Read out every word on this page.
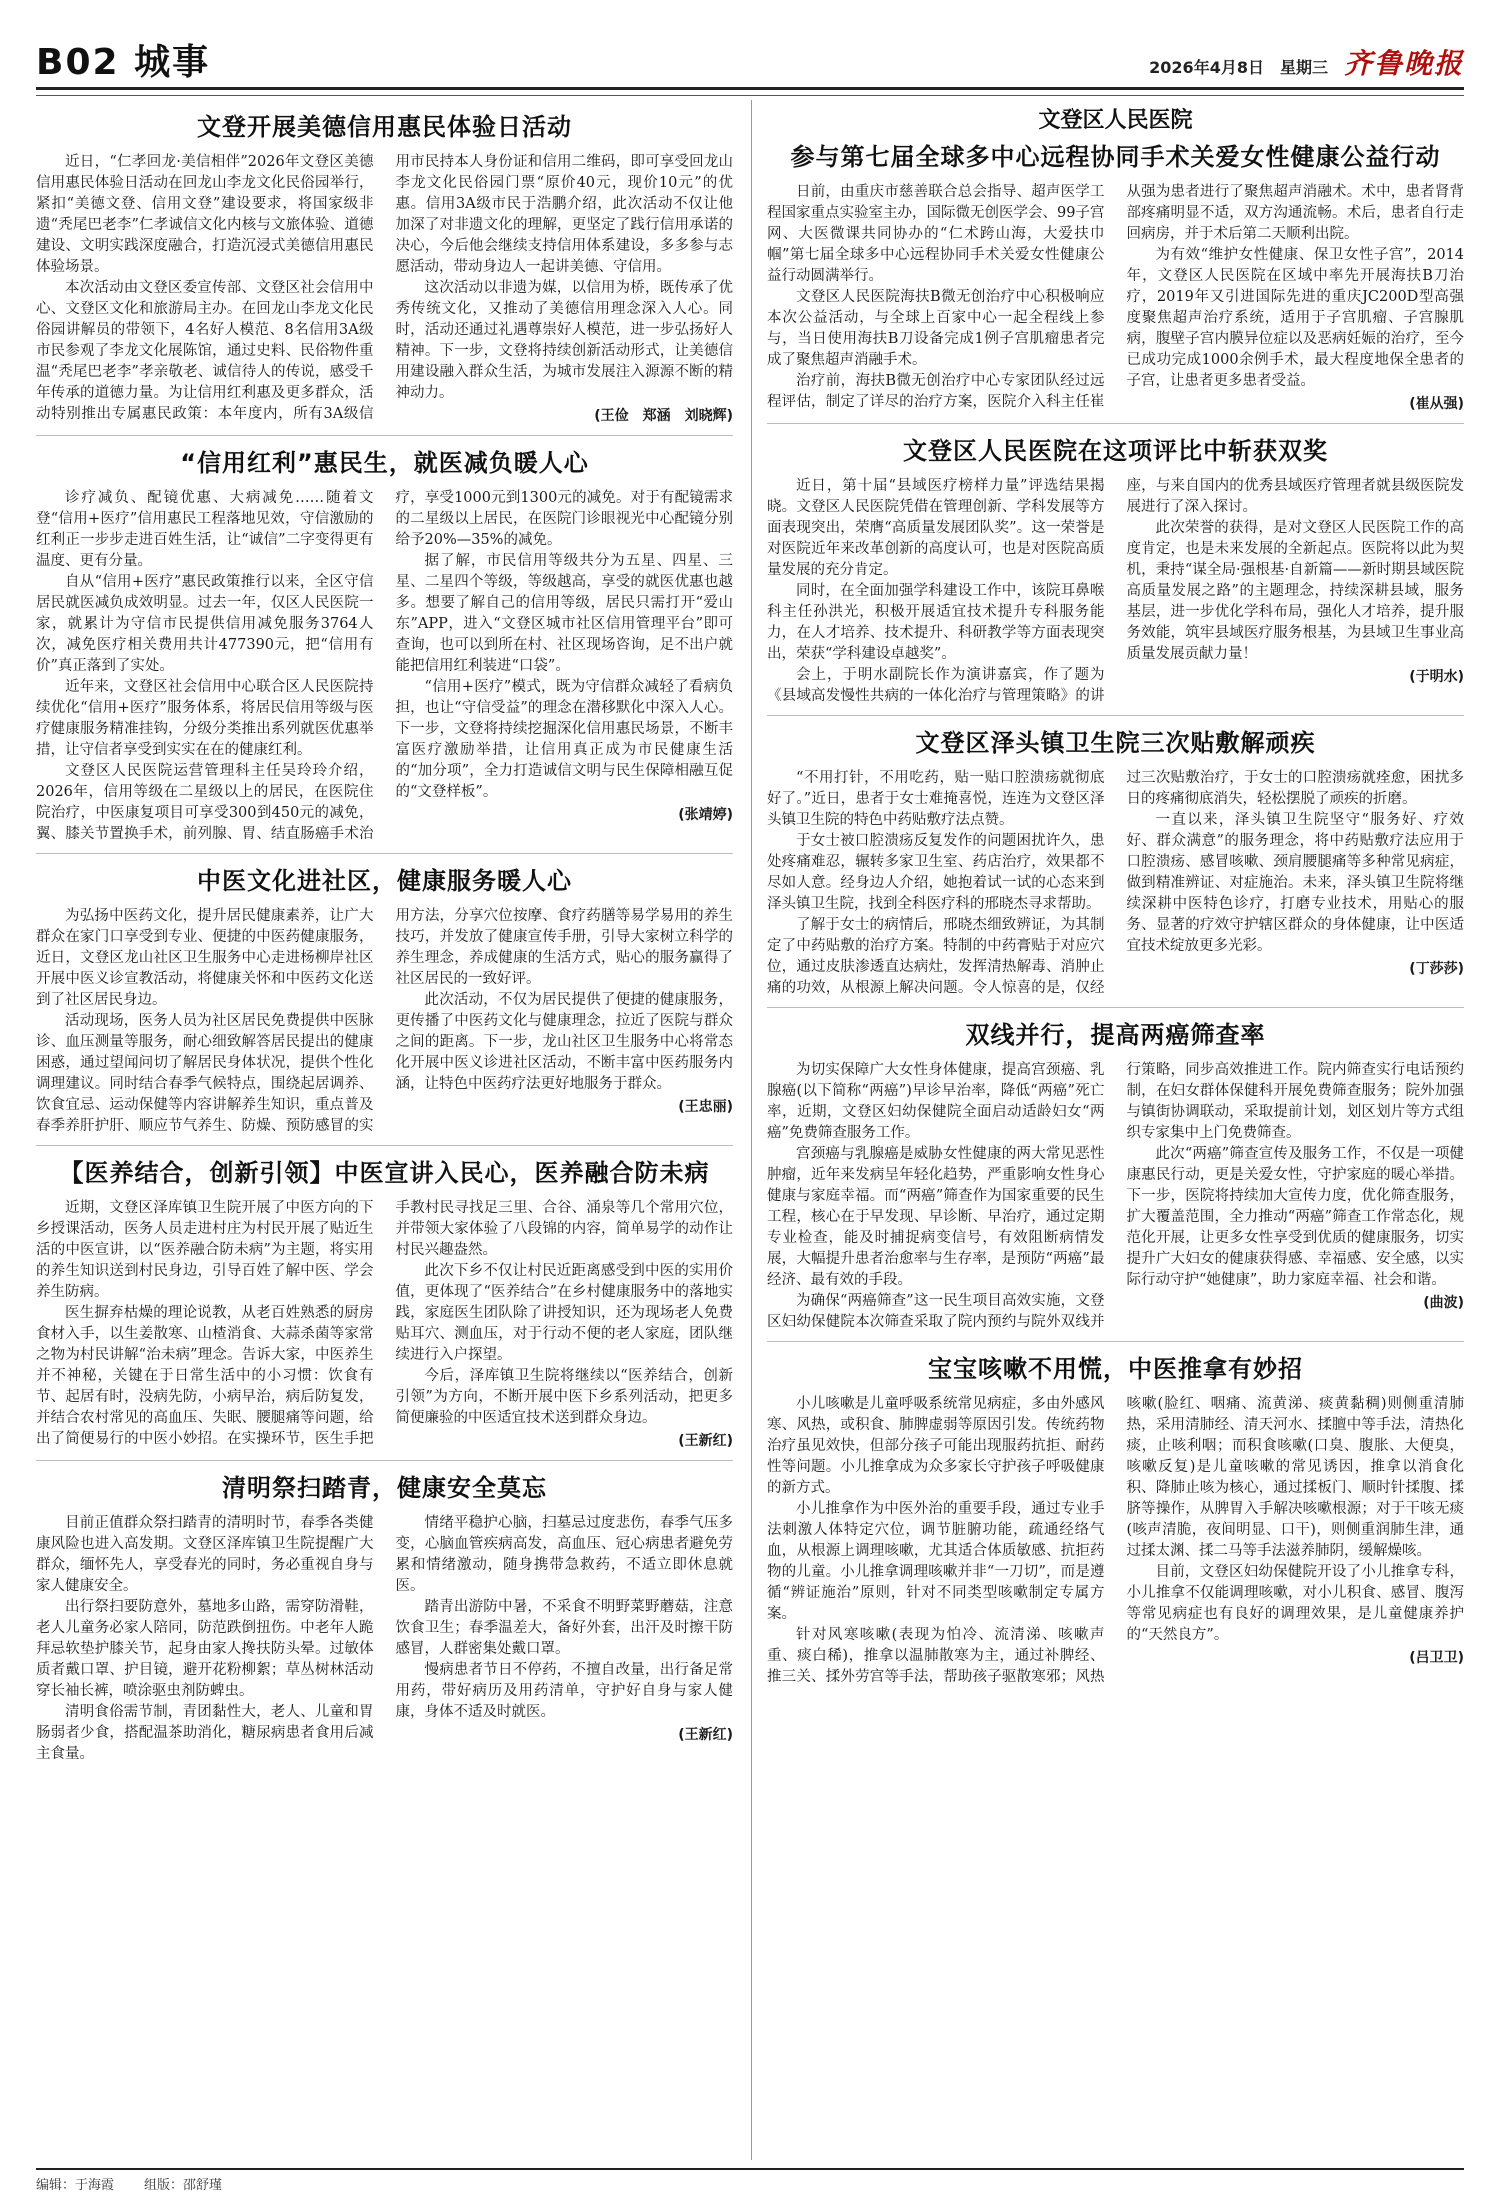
B02 城事	2026年4月8日 星期三 齐鲁晚报
文登开展美德信用惠民体验日活动

近日，“仁孝回龙·美信相伴”2026年文登区美德信用惠民体验日活动在回龙山李龙文化民俗园举行，紧扣“美德文登、信用文登”建设要求，将国家级非遗“秃尾巴老李”仁孝诚信文化内核与文旅体验、道德建设、文明实践深度融合，打造沉浸式美德信用惠民体验场景。

本次活动由文登区委宣传部、文登区社会信用中心、文登区文化和旅游局主办。在回龙山李龙文化民俗园讲解员的带领下，4名好人模范、8名信用3A级市民参观了李龙文化展陈馆，通过史料、民俗物件重温“秃尾巴老李”孝亲敬老、诚信待人的传说，感受千年传承的道德力量。为让信用红利惠及更多群众，活动特别推出专属惠民政策：本年度内，所有3A级信用市民持本人身份证和信用二维码，即可享受回龙山李龙文化民俗园门票“原价40元，现价10元”的优惠。信用3A级市民于浩鹏介绍，此次活动不仅让他加深了对非遗文化的理解，更坚定了践行信用承诺的决心，今后他会继续支持信用体系建设，多多参与志愿活动，带动身边人一起讲美德、守信用。

这次活动以非遗为媒，以信用为桥，既传承了优秀传统文化，又推动了美德信用理念深入人心。同时，活动还通过礼遇尊崇好人模范，进一步弘扬好人精神。下一步，文登将持续创新活动形式，让美德信用建设融入群众生活，为城市发展注入源源不断的精神动力。

(王俭　郑涵　刘晓辉)
“信用红利”惠民生，就医减负暖人心

诊疗减负、配镜优惠、大病减免……随着文登“信用+医疗”信用惠民工程落地见效，守信激励的红利正一步步走进百姓生活，让“诚信”二字变得更有温度、更有分量。

自从“信用+医疗”惠民政策推行以来，全区守信居民就医减负成效明显。过去一年，仅区人民医院一家，就累计为守信市民提供信用减免服务3764人次，减免医疗相关费用共计477390元，把“信用有价”真正落到了实处。

近年来，文登区社会信用中心联合区人民医院持续优化“信用+医疗”服务体系，将居民信用等级与医疗健康服务精准挂钩，分级分类推出系列就医优惠举措，让守信者享受到实实在在的健康红利。

文登区人民医院运营管理科主任吴玲玲介绍，2026年，信用等级在二星级以上的居民，在医院住院治疗，中医康复项目可享受300到450元的减免，翼、膝关节置换手术，前列腺、胃、结直肠癌手术治疗，享受1000元到1300元的减免。对于有配镜需求的二星级以上居民，在医院门诊眼视光中心配镜分别给予20%—35%的减免。

据了解，市民信用等级共分为五星、四星、三星、二星四个等级，等级越高，享受的就医优惠也越多。想要了解自己的信用等级，居民只需打开“爱山东”APP，进入“文登区城市社区信用管理平台”即可查询，也可以到所在村、社区现场咨询，足不出户就能把信用红利装进“口袋”。

“信用+医疗”模式，既为守信群众减轻了看病负担，也让“守信受益”的理念在潜移默化中深入人心。下一步，文登将持续挖掘深化信用惠民场景，不断丰富医疗激励举措，让信用真正成为市民健康生活的“加分项”，全力打造诚信文明与民生保障相融互促的“文登样板”。

(张靖婷)
中医文化进社区，健康服务暖人心

为弘扬中医药文化，提升居民健康素养，让广大群众在家门口享受到专业、便捷的中医药健康服务，近日，文登区龙山社区卫生服务中心走进杨柳岸社区开展中医义诊宣教活动，将健康关怀和中医药文化送到了社区居民身边。

活动现场，医务人员为社区居民免费提供中医脉诊、血压测量等服务，耐心细致解答居民提出的健康困惑，通过望闻问切了解居民身体状况，提供个性化调理建议。同时结合春季气候特点，围绕起居调养、饮食宜忌、运动保健等内容讲解养生知识，重点普及春季养肝护肝、顺应节气养生、防燥、预防感冒的实用方法，分享穴位按摩、食疗药膳等易学易用的养生技巧，并发放了健康宣传手册，引导大家树立科学的养生理念，养成健康的生活方式，贴心的服务赢得了社区居民的一致好评。

此次活动，不仅为居民提供了便捷的健康服务，更传播了中医药文化与健康理念，拉近了医院与群众之间的距离。下一步，龙山社区卫生服务中心将常态化开展中医义诊进社区活动，不断丰富中医药服务内涵，让特色中医药疗法更好地服务于群众。

(王忠丽)
【医养结合，创新引领】中医宣讲入民心，医养融合防未病

近期，文登区泽库镇卫生院开展了中医方向的下乡授课活动，医务人员走进村庄为村民开展了贴近生活的中医宣讲，以“医养融合防未病”为主题，将实用的养生知识送到村民身边，引导百姓了解中医、学会养生防病。

医生摒弃枯燥的理论说教，从老百姓熟悉的厨房食材入手，以生姜散寒、山楂消食、大蒜杀菌等家常之物为村民讲解“治未病”理念。告诉大家，中医养生并不神秘，关键在于日常生活中的小习惯：饮食有节、起居有时，没病先防，小病早治，病后防复发，并结合农村常见的高血压、失眠、腰腿痛等问题，给出了简便易行的中医小妙招。在实操环节，医生手把手教村民寻找足三里、合谷、涌泉等几个常用穴位，并带领大家体验了八段锦的内容，简单易学的动作让村民兴趣盎然。

此次下乡不仅让村民近距离感受到中医的实用价值，更体现了“医养结合”在乡村健康服务中的落地实践，家庭医生团队除了讲授知识，还为现场老人免费贴耳穴、测血压，对于行动不便的老人家庭，团队继续进行入户探望。

今后，泽库镇卫生院将继续以“医养结合，创新引领”为方向，不断开展中医下乡系列活动，把更多简便廉验的中医适宜技术送到群众身边。

(王新红)
清明祭扫踏青，健康安全莫忘

目前正值群众祭扫踏青的清明时节，春季各类健康风险也进入高发期。文登区泽库镇卫生院提醒广大群众，缅怀先人，享受春光的同时，务必重视自身与家人健康安全。

出行祭扫要防意外，墓地多山路，需穿防滑鞋，老人儿童务必家人陪同，防范跌倒扭伤。中老年人跪拜忌软垫护膝关节，起身由家人搀扶防头晕。过敏体质者戴口罩、护目镜，避开花粉柳絮；草丛树林活动穿长袖长裤，喷涂驱虫剂防蜱虫。

清明食俗需节制，青团黏性大，老人、儿童和胃肠弱者少食，搭配温茶助消化，糖尿病患者食用后减主食量。

情绪平稳护心脑，扫墓忌过度悲伤，春季气压多变，心脑血管疾病高发，高血压、冠心病患者避免劳累和情绪激动，随身携带急救药，不适立即休息就医。

踏青出游防中暑，不采食不明野菜野蘑菇，注意饮食卫生；春季温差大，备好外套，出汗及时擦干防感冒，人群密集处戴口罩。

慢病患者节日不停药，不擅自改量，出行备足常用药，带好病历及用药清单，守护好自身与家人健康，身体不适及时就医。

(王新红)
文登区人民医院
参与第七届全球多中心远程协同手术关爱女性健康公益行动

日前，由重庆市慈善联合总会指导、超声医学工程国家重点实验室主办，国际微无创医学会、99子宫网、大医微课共同协办的“仁术跨山海，大爱扶巾帼”第七届全球多中心远程协同手术关爱女性健康公益行动圆满举行。

文登区人民医院海扶B微无创治疗中心积极响应本次公益活动，与全球上百家中心一起全程线上参与，当日使用海扶B刀设备完成1例子宫肌瘤患者完成了聚焦超声消融手术。

治疗前，海扶B微无创治疗中心专家团队经过远程评估，制定了详尽的治疗方案，医院介入科主任崔从强为患者进行了聚焦超声消融术。术中，患者肾背部疼痛明显不适，双方沟通流畅。术后，患者自行走回病房，并于术后第二天顺利出院。

为有效“维护女性健康、保卫女性子宫”，2014年，文登区人民医院在区域中率先开展海扶B刀治疗，2019年又引进国际先进的重庆JC200D型高强度聚焦超声治疗系统，适用于子宫肌瘤、子宫腺肌病，腹壁子宫内膜异位症以及恶病妊娠的治疗，至今已成功完成1000余例手术，最大程度地保全患者的子宫，让患者更多患者受益。

(崔从强)
文登区人民医院在这项评比中斩获双奖

近日，第十届“县域医疗榜样力量”评选结果揭晓。文登区人民医院凭借在管理创新、学科发展等方面表现突出，荣膺“高质量发展团队奖”。这一荣誉是对医院近年来改革创新的高度认可，也是对医院高质量发展的充分肯定。

同时，在全面加强学科建设工作中，该院耳鼻喉科主任孙洪光，积极开展适宜技术提升专科服务能力，在人才培养、技术提升、科研教学等方面表现突出，荣获“学科建设卓越奖”。

会上，于明水副院长作为演讲嘉宾，作了题为《县域高发慢性共病的一体化治疗与管理策略》的讲座，与来自国内的优秀县域医疗管理者就县级医院发展进行了深入探讨。

此次荣誉的获得，是对文登区人民医院工作的高度肯定，也是未来发展的全新起点。医院将以此为契机，秉持“谋全局·强根基·自新篇——新时期县域医院高质量发展之路”的主题理念，持续深耕县域，服务基层，进一步优化学科布局，强化人才培养，提升服务效能，筑牢县域医疗服务根基，为县域卫生事业高质量发展贡献力量！

(于明水)
文登区泽头镇卫生院三次贴敷解顽疾

“不用打针，不用吃药，贴一贴口腔溃疡就彻底好了。”近日，患者于女士难掩喜悦，连连为文登区泽头镇卫生院的特色中药贴敷疗法点赞。

于女士被口腔溃疡反复发作的问题困扰许久，患处疼痛难忍，辗转多家卫生室、药店治疗，效果都不尽如人意。经身边人介绍，她抱着试一试的心态来到泽头镇卫生院，找到全科医疗科的邢晓杰寻求帮助。

了解于女士的病情后，邢晓杰细致辨证，为其制定了中药贴敷的治疗方案。特制的中药膏贴于对应穴位，通过皮肤渗透直达病灶，发挥清热解毒、消肿止痛的功效，从根源上解决问题。令人惊喜的是，仅经过三次贴敷治疗，于女士的口腔溃疡就痊愈，困扰多日的疼痛彻底消失，轻松摆脱了顽疾的折磨。

一直以来，泽头镇卫生院坚守“服务好、疗效好、群众满意”的服务理念，将中药贴敷疗法应用于口腔溃疡、感冒咳嗽、颈肩腰腿痛等多种常见病症，做到精准辨证、对症施治。未来，泽头镇卫生院将继续深耕中医特色诊疗，打磨专业技术，用贴心的服务、显著的疗效守护辖区群众的身体健康，让中医适宜技术绽放更多光彩。

(丁莎莎)
双线并行，提高两癌筛查率

为切实保障广大女性身体健康，提高宫颈癌、乳腺癌(以下简称“两癌”)早诊早治率，降低“两癌”死亡率，近期，文登区妇幼保健院全面启动适龄妇女“两癌”免费筛查服务工作。

宫颈癌与乳腺癌是威胁女性健康的两大常见恶性肿瘤，近年来发病呈年轻化趋势，严重影响女性身心健康与家庭幸福。而“两癌”筛查作为国家重要的民生工程，核心在于早发现、早诊断、早治疗，通过定期专业检查，能及时捕捉病变信号，有效阻断病情发展，大幅提升患者治愈率与生存率，是预防“两癌”最经济、最有效的手段。

为确保“两癌筛查”这一民生项目高效实施，文登区妇幼保健院本次筛查采取了院内预约与院外双线并行策略，同步高效推进工作。院内筛查实行电话预约制，在妇女群体保健科开展免费筛查服务；院外加强与镇街协调联动，采取提前计划，划区划片等方式组织专家集中上门免费筛查。

此次“两癌”筛查宣传及服务工作，不仅是一项健康惠民行动，更是关爱女性，守护家庭的暖心举措。下一步，医院将持续加大宣传力度，优化筛查服务，扩大覆盖范围，全力推动“两癌”筛查工作常态化，规范化开展，让更多女性享受到优质的健康服务，切实提升广大妇女的健康获得感、幸福感、安全感，以实际行动守护“她健康”，助力家庭幸福、社会和谐。

(曲波)
宝宝咳嗽不用慌，中医推拿有妙招

小儿咳嗽是儿童呼吸系统常见病症，多由外感风寒、风热，或积食、肺脾虚弱等原因引发。传统药物治疗虽见效快，但部分孩子可能出现服药抗拒、耐药性等问题。小儿推拿成为众多家长守护孩子呼吸健康的新方式。

小儿推拿作为中医外治的重要手段，通过专业手法刺激人体特定穴位，调节脏腑功能，疏通经络气血，从根源上调理咳嗽，尤其适合体质敏感、抗拒药物的儿童。小儿推拿调理咳嗽并非“一刀切”，而是遵循“辨证施治”原则，针对不同类型咳嗽制定专属方案。

针对风寒咳嗽(表现为怕冷、流清涕、咳嗽声重、痰白稀)，推拿以温肺散寒为主，通过补脾经、推三关、揉外劳宫等手法，帮助孩子驱散寒邪；风热咳嗽(脸红、咽痛、流黄涕、痰黄黏稠)则侧重清肺热，采用清肺经、清天河水、揉膻中等手法，清热化痰，止咳利咽；而积食咳嗽(口臭、腹胀、大便臭，咳嗽反复)是儿童咳嗽的常见诱因，推拿以消食化积、降肺止咳为核心，通过揉板门、顺时针揉腹、揉脐等操作，从脾胃入手解决咳嗽根源；对于干咳无痰(咳声清脆，夜间明显、口干)，则侧重润肺生津，通过揉太渊、揉二马等手法滋养肺阴，缓解燥咳。

目前，文登区妇幼保健院开设了小儿推拿专科，小儿推拿不仅能调理咳嗽，对小儿积食、感冒、腹泻等常见病症也有良好的调理效果，是儿童健康养护的“天然良方”。

(吕卫卫)
编辑：于海霞 组版：邵舒瑾
